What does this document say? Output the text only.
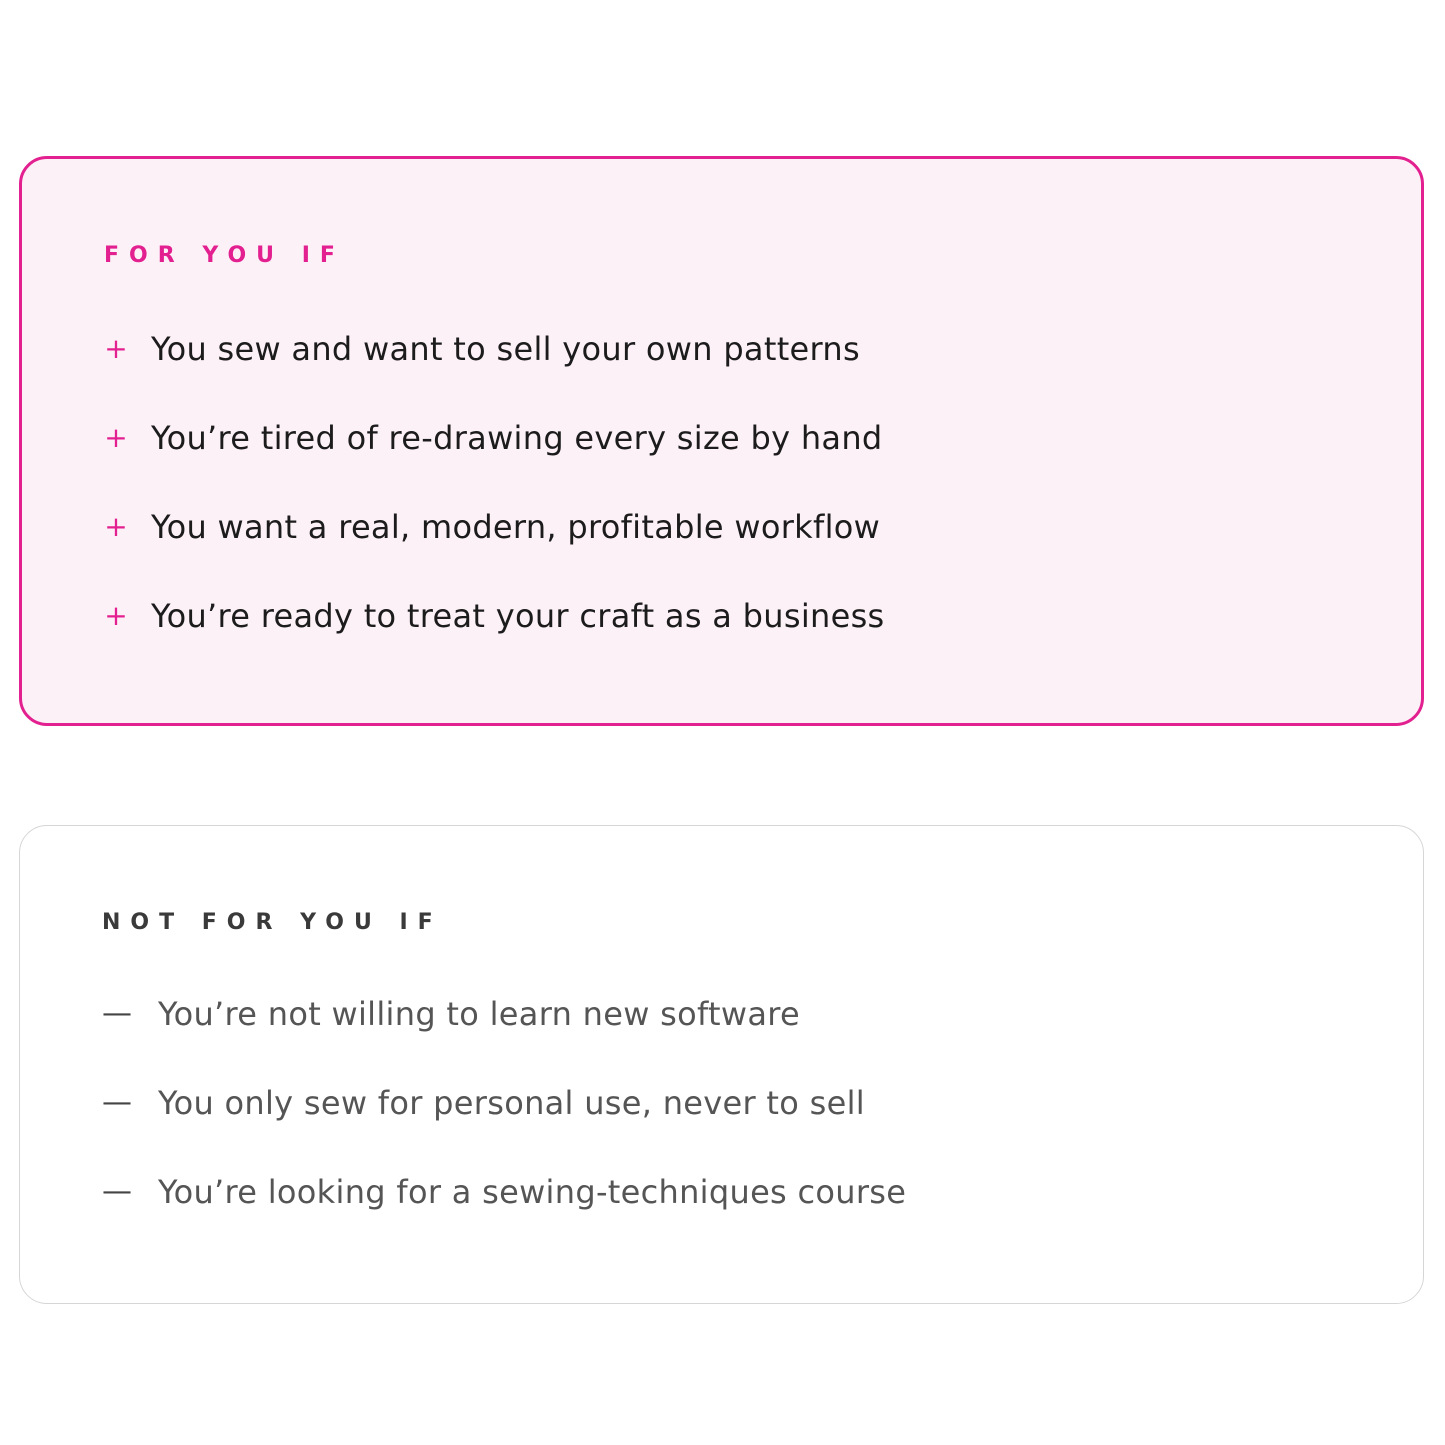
FOR YOU IF
+ You sew and want to sell your own patterns
+ You’re tired of re-drawing every size by hand
+ You want a real, modern, profitable workflow
+ You’re ready to treat your craft as a business
NOT FOR YOU IF
— You’re not willing to learn new software
— You only sew for personal use, never to sell
— You’re looking for a sewing-techniques course
